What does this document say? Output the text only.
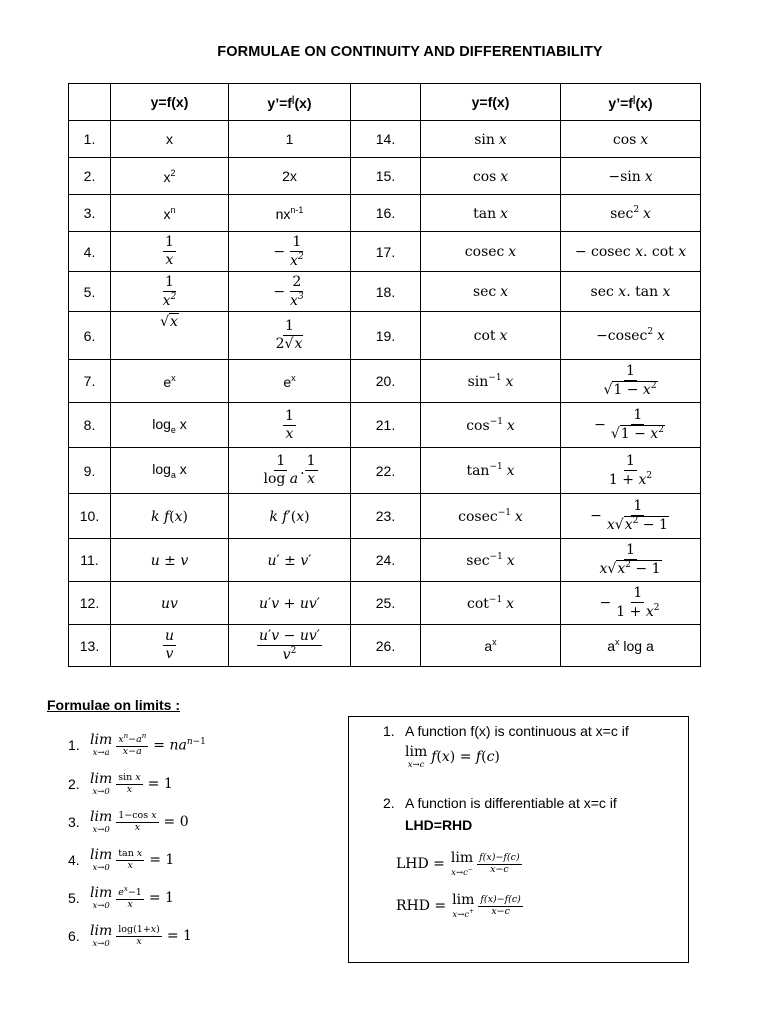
FORMULAE ON CONTINUITY AND DIFFERENTIABILITY
	y=f(x)	y’=f|(x)		y=f(x)	y’=f|(x)
1.	x	1	14.	sin x	cos x
2.	$x^2$	2x	15.	cos x	−sin x
3.	$x^n$	$nx^{n-1}$	16.	tan x	$\sec^2 x$
4.	$\frac{1}{x}$	− $\frac{1}{x^2}$	17.	cosec x	− cosec x. cot x
5.	$\frac{1}{x^2}$	− $\frac{2}{x^3}$	18.	sec x	sec x. tan x
6.	√x	$\frac{1}{2√x}$	19.	cot x	−cosec$^2$ x
7.	$e^x$	$e^x$	20.	$\sin^{-1} x$	$\frac{1}{√1 - x^2}$

8.	$\log_e x$	$\frac{1}{x}$	21.	$\cos^{-1} x$	− $\frac{1}{√1 - x^2}$

9.	$\log_a x$	$\frac{1}{\text{log a}}$ . $\frac{1}{x}$	22.	$\tan^{-1} x$	$\frac{1}{1 + x^2}$

10.	k f(x)	k f′(x)	23.	cosec$^{-1}$ x	− $\frac{1}{x√x^2 - 1}$

11.	u ± v	u′ ± v′	24.	$\sec^{-1} x$	$\frac{1}{x√x^2 - 1}$

12.	uv	u′v + uv′	25.	$\cot^{-1} x$	− $\frac{1}{1 + x^2}$

13.	$\frac{u}{v}$	$\frac{u'v - uv'}{v^2}$	26.	$a^x$	$a^x$ log a
Formulae on limits :
1. lim
$x\to a \frac{x^n-a^n}{x-a} = na^{n-1}$
2. lim
$x\to 0 \frac{\text{sin x}}{x} = 1$
3. lim
$x\to 0 \frac{\text{1−cos x}}{x} = 0$
4. lim
$x\to 0 \frac{\text{tan x}}{x} = 1$
5. lim
$x\to 0 \frac{e^x-1}{x} = 1$
6. lim
$x\to 0 \frac{\log(1+x)}{x} = 1$
1. A function f(x) is continuous at x=c if
lim
x→c f ( x ) = f ( c )
2. A function is differentiable at x=c if
LHD=RHD
LHD = lim
$x\to c^- \frac{f(x)-f(c)}{x-c}$
RHD = lim
$x\to c^+ \frac{f(x)-f(c)}{x-c}$
